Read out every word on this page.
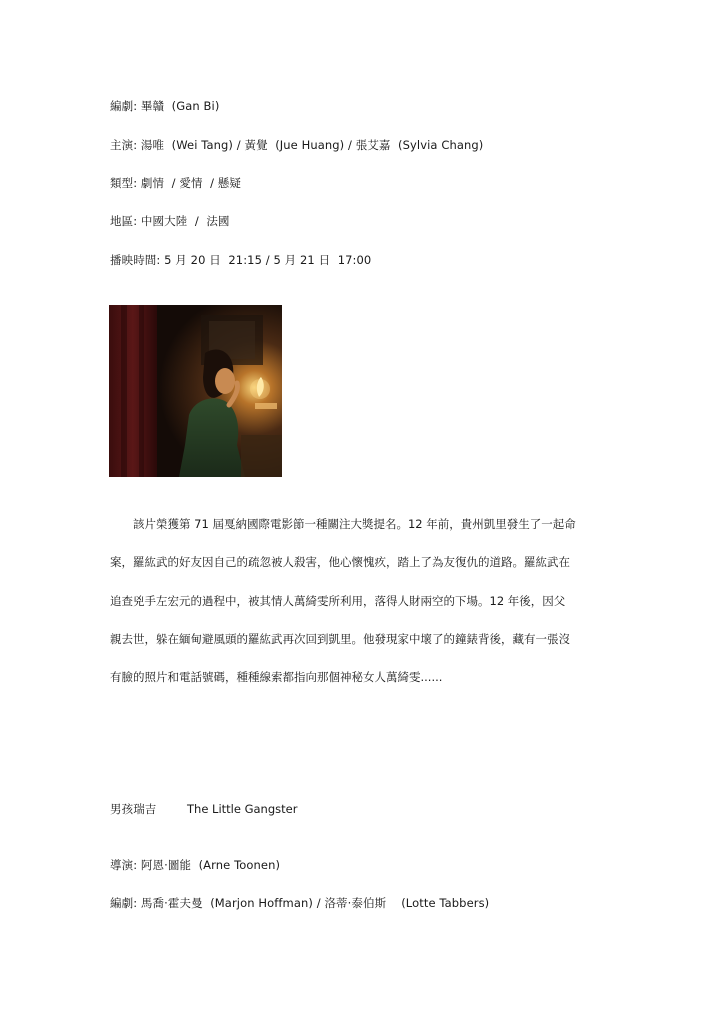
編劇: 畢贛  (Gan Bi)
主演: 湯唯  (Wei Tang) / 黃覺  (Jue Huang) / 張艾嘉  (Sylvia Chang)
類型: 劇情  / 愛情  / 懸疑
地區: 中國大陸  /  法國
播映時間: 5 月 20 日  21:15 / 5 月 21 日  17:00
　　該片榮獲第 71 屆戛納國際電影節一種關注大獎提名。12 年前，貴州凱里發生了一起命
案，羅紘武的好友因自己的疏忽被人殺害，他心懷愧疚，踏上了為友復仇的道路。羅紘武在
追查兇手左宏元的過程中，被其情人萬綺雯所利用，落得人財兩空的下場。12 年後，因父
親去世，躲在緬甸避風頭的羅紘武再次回到凱里。他發現家中壞了的鐘錶背後，藏有一張沒
有臉的照片和電話號碼，種種線索都指向那個神秘女人萬綺雯......
男孩瑞吉	The Little Gangster
導演: 阿恩·圖能  (Arne Toonen)
編劇: 馬喬·霍夫曼  (Marjon Hoffman) / 洛蒂·泰伯斯    (Lotte Tabbers)
